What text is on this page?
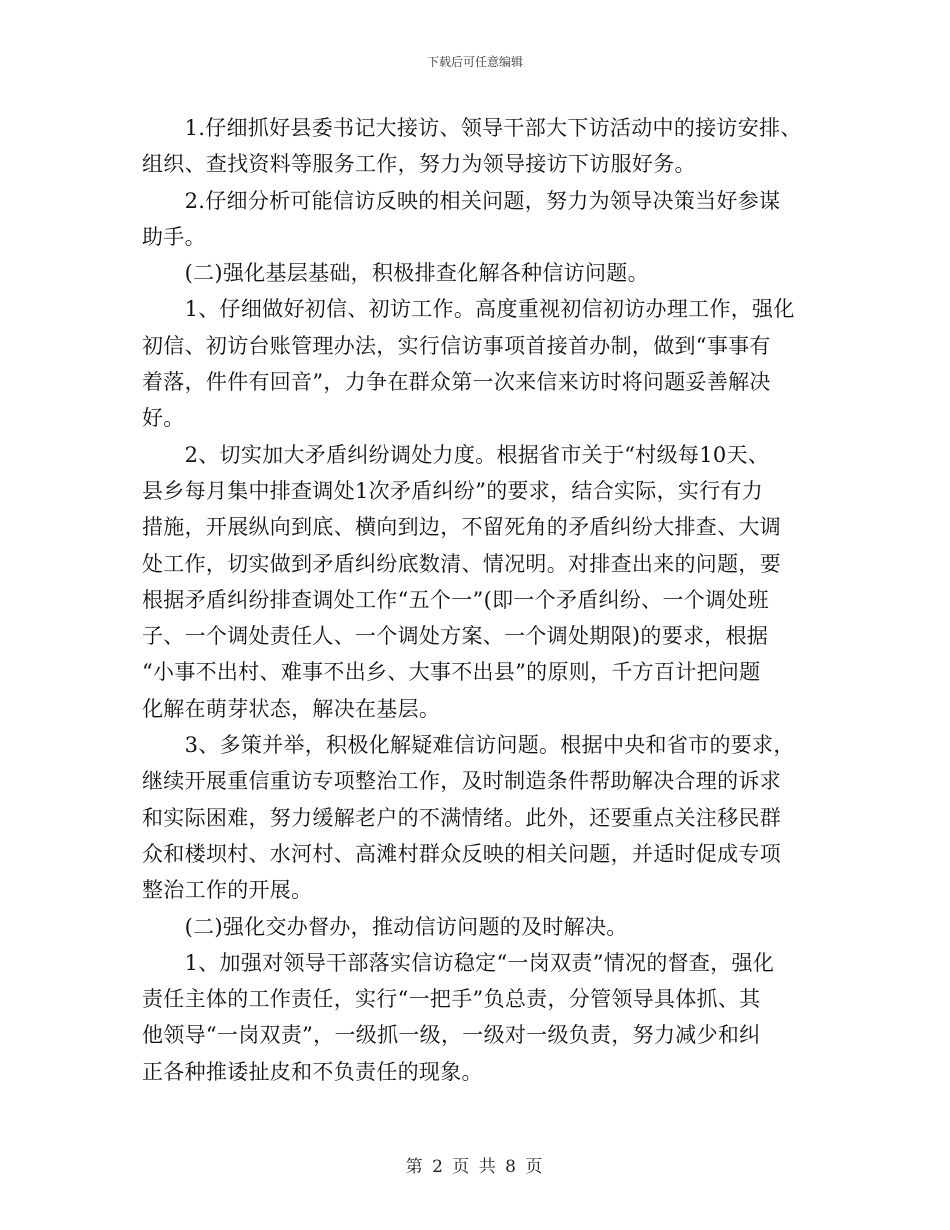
下载后可任意编辑
　　1.仔细抓好县委书记大接访、领导干部大下访活动中的接访安排、
组织、查找资料等服务工作，努力为领导接访下访服好务。
　　2.仔细分析可能信访反映的相关问题，努力为领导决策当好参谋
助手。
　　(二)强化基层基础，积极排查化解各种信访问题。
　　1、仔细做好初信、初访工作。高度重视初信初访办理工作，强化
初信、初访台账管理办法，实行信访事项首接首办制，做到“事事有
着落，件件有回音”，力争在群众第一次来信来访时将问题妥善解决
好。
　　2、切实加大矛盾纠纷调处力度。根据省市关于“村级每10天、
县乡每月集中排查调处1次矛盾纠纷”的要求，结合实际，实行有力
措施，开展纵向到底、横向到边，不留死角的矛盾纠纷大排查、大调
处工作，切实做到矛盾纠纷底数清、情况明。对排查出来的问题，要
根据矛盾纠纷排查调处工作“五个一”(即一个矛盾纠纷、一个调处班
子、一个调处责任人、一个调处方案、一个调处期限)的要求，根据
“小事不出村、难事不出乡、大事不出县”的原则，千方百计把问题
化解在萌芽状态，解决在基层。
　　3、多策并举，积极化解疑难信访问题。根据中央和省市的要求，
继续开展重信重访专项整治工作，及时制造条件帮助解决合理的诉求
和实际困难，努力缓解老户的不满情绪。此外，还要重点关注移民群
众和楼坝村、水河村、高滩村群众反映的相关问题，并适时促成专项
整治工作的开展。
　　(二)强化交办督办，推动信访问题的及时解决。
　　1、加强对领导干部落实信访稳定“一岗双责”情况的督查，强化
责任主体的工作责任，实行“一把手”负总责，分管领导具体抓、其
他领导“一岗双责”，一级抓一级，一级对一级负责，努力减少和纠
正各种推诿扯皮和不负责任的现象。
第 2 页 共 8 页
